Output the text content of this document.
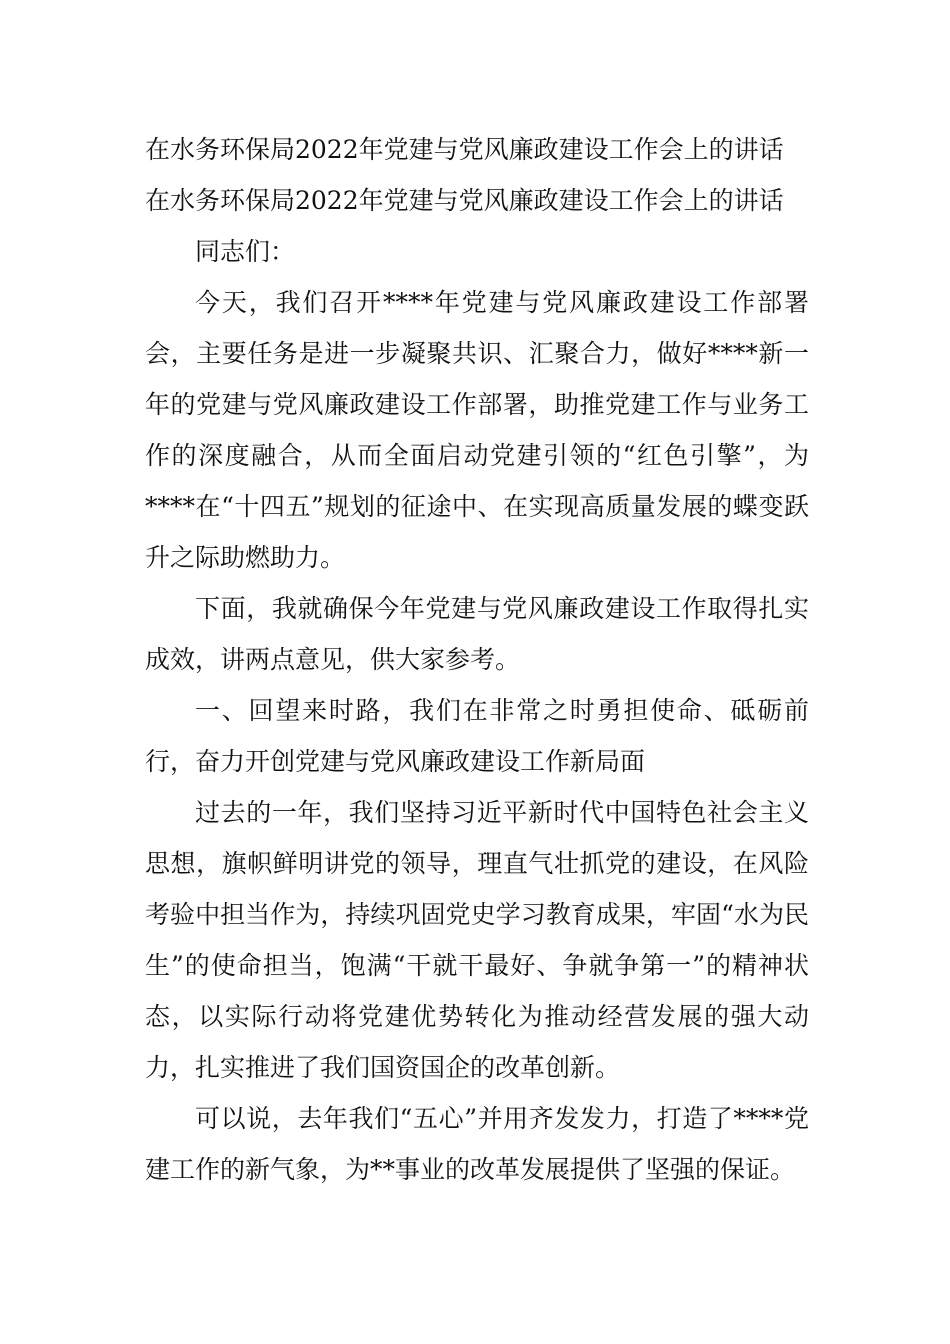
在水务环保局2022年党建与党风廉政建设工作会上的讲话

在水务环保局2022年党建与党风廉政建设工作会上的讲话

同志们：

今天，我们召开****年党建与党风廉政建设工作部署会，主要任务是进一步凝聚共识、汇聚合力，做好****新一年的党建与党风廉政建设工作部署，助推党建工作与业务工作的深度融合，从而全面启动党建引领的“红色引擎”，为****在“十四五”规划的征途中、在实现高质量发展的蝶变跃升之际助燃助力。

下面，我就确保今年党建与党风廉政建设工作取得扎实成效，讲两点意见，供大家参考。

一、回望来时路，我们在非常之时勇担使命、砥砺前行，奋力开创党建与党风廉政建设工作新局面

过去的一年，我们坚持习近平新时代中国特色社会主义思想，旗帜鲜明讲党的领导，理直气壮抓党的建设，在风险考验中担当作为，持续巩固党史学习教育成果，牢固“水为民生”的使命担当，饱满“干就干最好、争就争第一”的精神状态，以实际行动将党建优势转化为推动经营发展的强大动力，扎实推进了我们国资国企的改革创新。

可以说，去年我们“五心”并用齐发发力，打造了****党建工作的新气象，为**事业的改革发展提供了坚强的保证。
